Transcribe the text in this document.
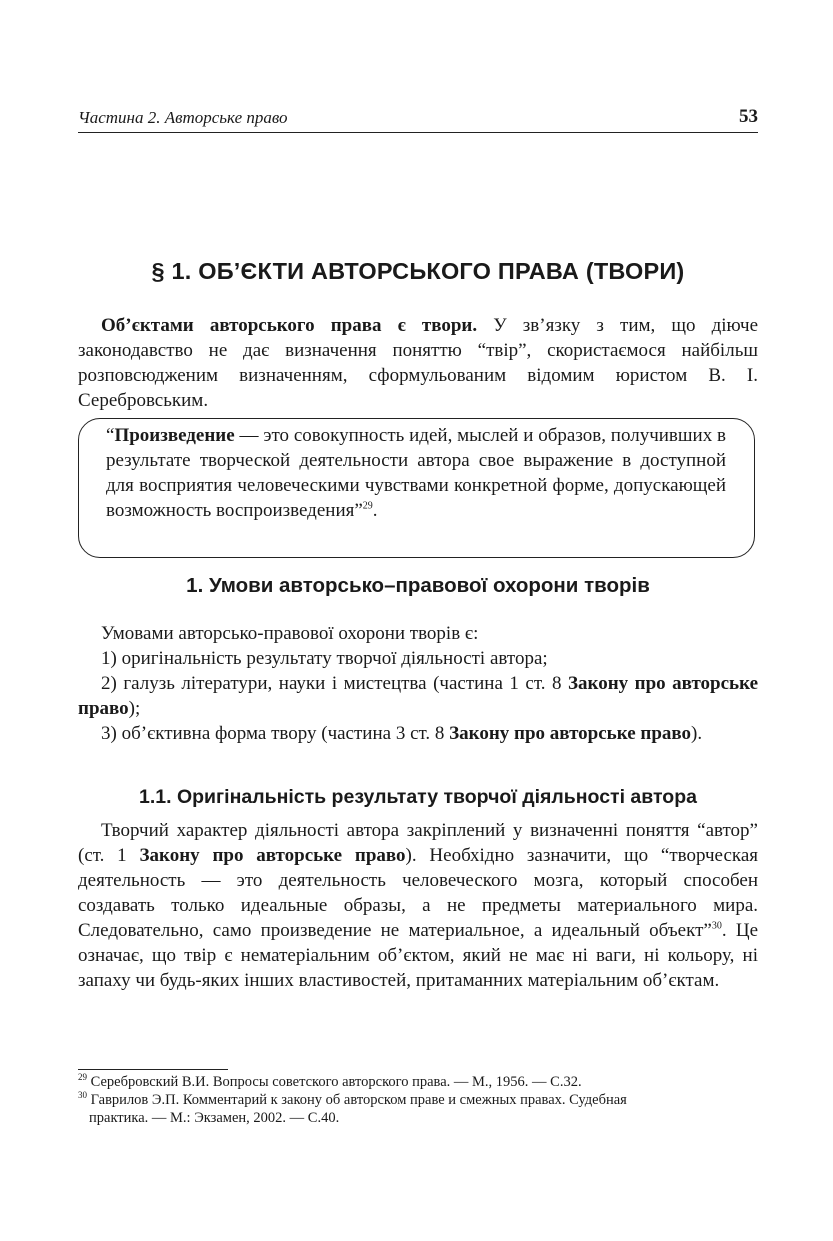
Частина 2. Авторське право	53
§ 1. ОБ’ЄКТИ АВТОРСЬКОГО ПРАВА (ТВОРИ)

Об’єктами авторського права є твори. У зв’язку з тим, що діюче законодавство не дає визначення поняттю “твір”, скористаємося найбільш розповсюдженим визначенням, сформульованим відомим юристом В. І. Серебровським.

“Произведение — это совокупность идей, мыслей и образов, получивших в результате творческой деятельности автора свое выражение в доступной для восприятия человеческими чувствами конкретной форме, допускающей возможность воспроизведения”$^{29}$.

1. Умови авторсько–правової охорони творів

Умовами авторсько-правової охорони творів є:

1) оригінальність результату творчої діяльності автора;

2) галузь літератури, науки і мистецтва (частина 1 ст. 8 Закону про авторське право);

3) об’єктивна форма твору (частина 3 ст. 8 Закону про авторське право).

1.1. Оригінальність результату творчої діяльності автора

Творчий характер діяльності автора закріплений у визначенні поняття “автор” (ст. 1 Закону про авторське право). Необхідно зазначити, що “творческая деятельность — это деятельность человеческого мозга, который способен создавать только идеальные образы, а не предметы материального мира. Следовательно, само произведение не материальное, а идеальный объект”$^{30}$. Це означає, що твір є нематеріальним об’єктом, який не має ні ваги, ні кольору, ні запаху чи будь-яких інших властивостей, притаманних матеріальним об’єктам.

$^{29}$ Серебровский В.И. Вопросы советского авторского права. — М., 1956. — С.32.

$^{30}$ Гаврилов Э.П. Комментарий к закону об авторском праве и смежных правах. Судебная

практика. — М.: Экзамен, 2002. — С.40.
